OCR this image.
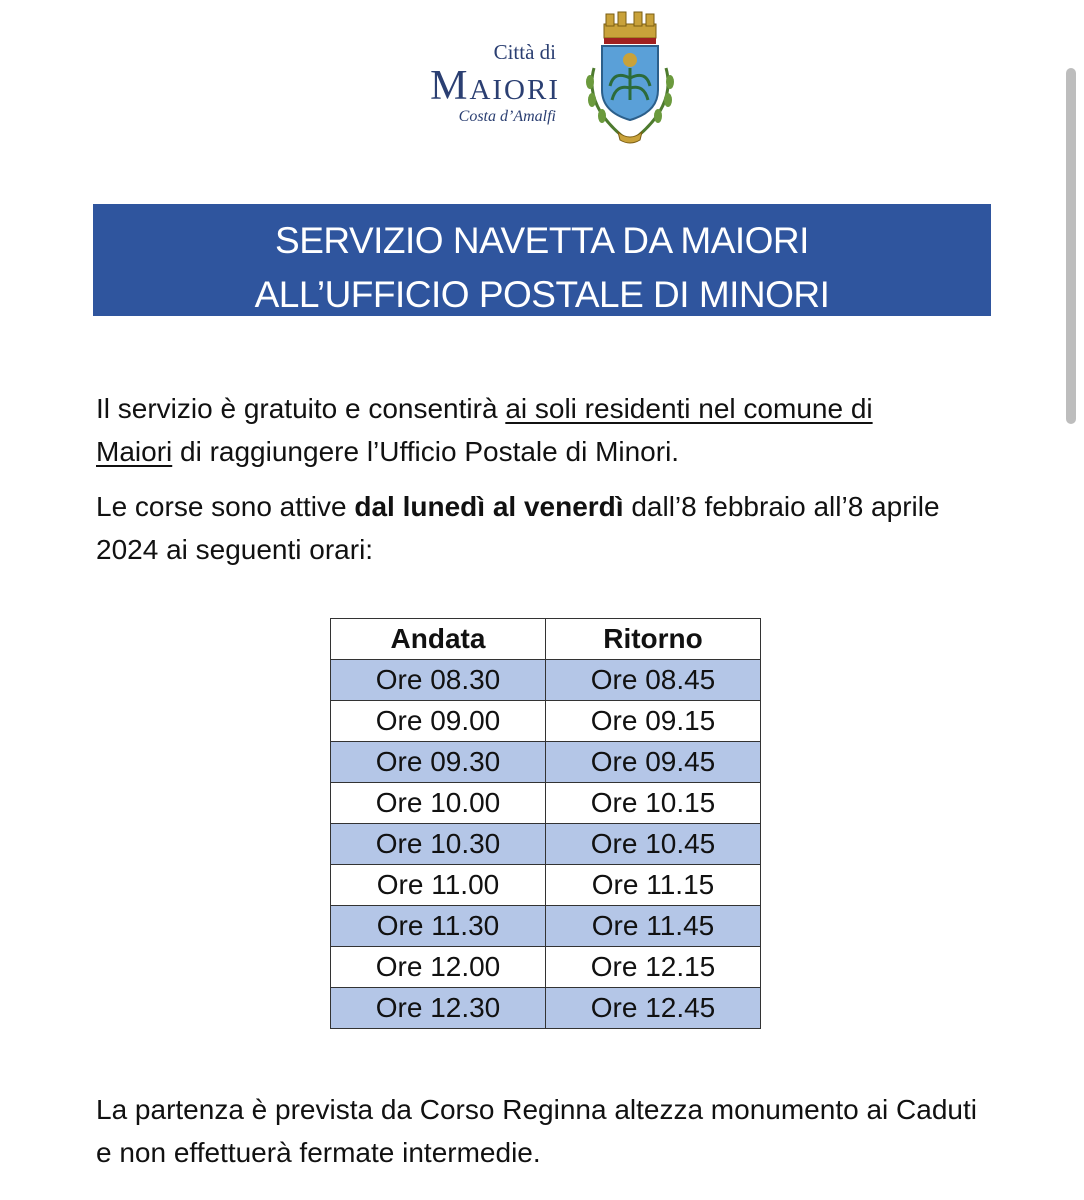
Città di
Maiori
Costa d’Amalfi
SERVIZIO NAVETTA DA MAIORI
ALL’UFFICIO POSTALE DI MINORI
Il servizio è gratuito e consentirà ai soli residenti nel comune di
Maiori di raggiungere l’Ufficio Postale di Minori.
Le corse sono attive dal lunedì al venerdì dall’8 febbraio all’8 aprile 2024 ai seguenti orari:
Andata	Ritorno
Ore 08.30	Ore 08.45
Ore 09.00	Ore 09.15
Ore 09.30	Ore 09.45
Ore 10.00	Ore 10.15
Ore 10.30	Ore 10.45
Ore 11.00	Ore 11.15
Ore 11.30	Ore 11.45
Ore 12.00	Ore 12.15
Ore 12.30	Ore 12.45
La partenza è prevista da Corso Reginna altezza monumento ai Caduti e non effettuerà fermate intermedie.
